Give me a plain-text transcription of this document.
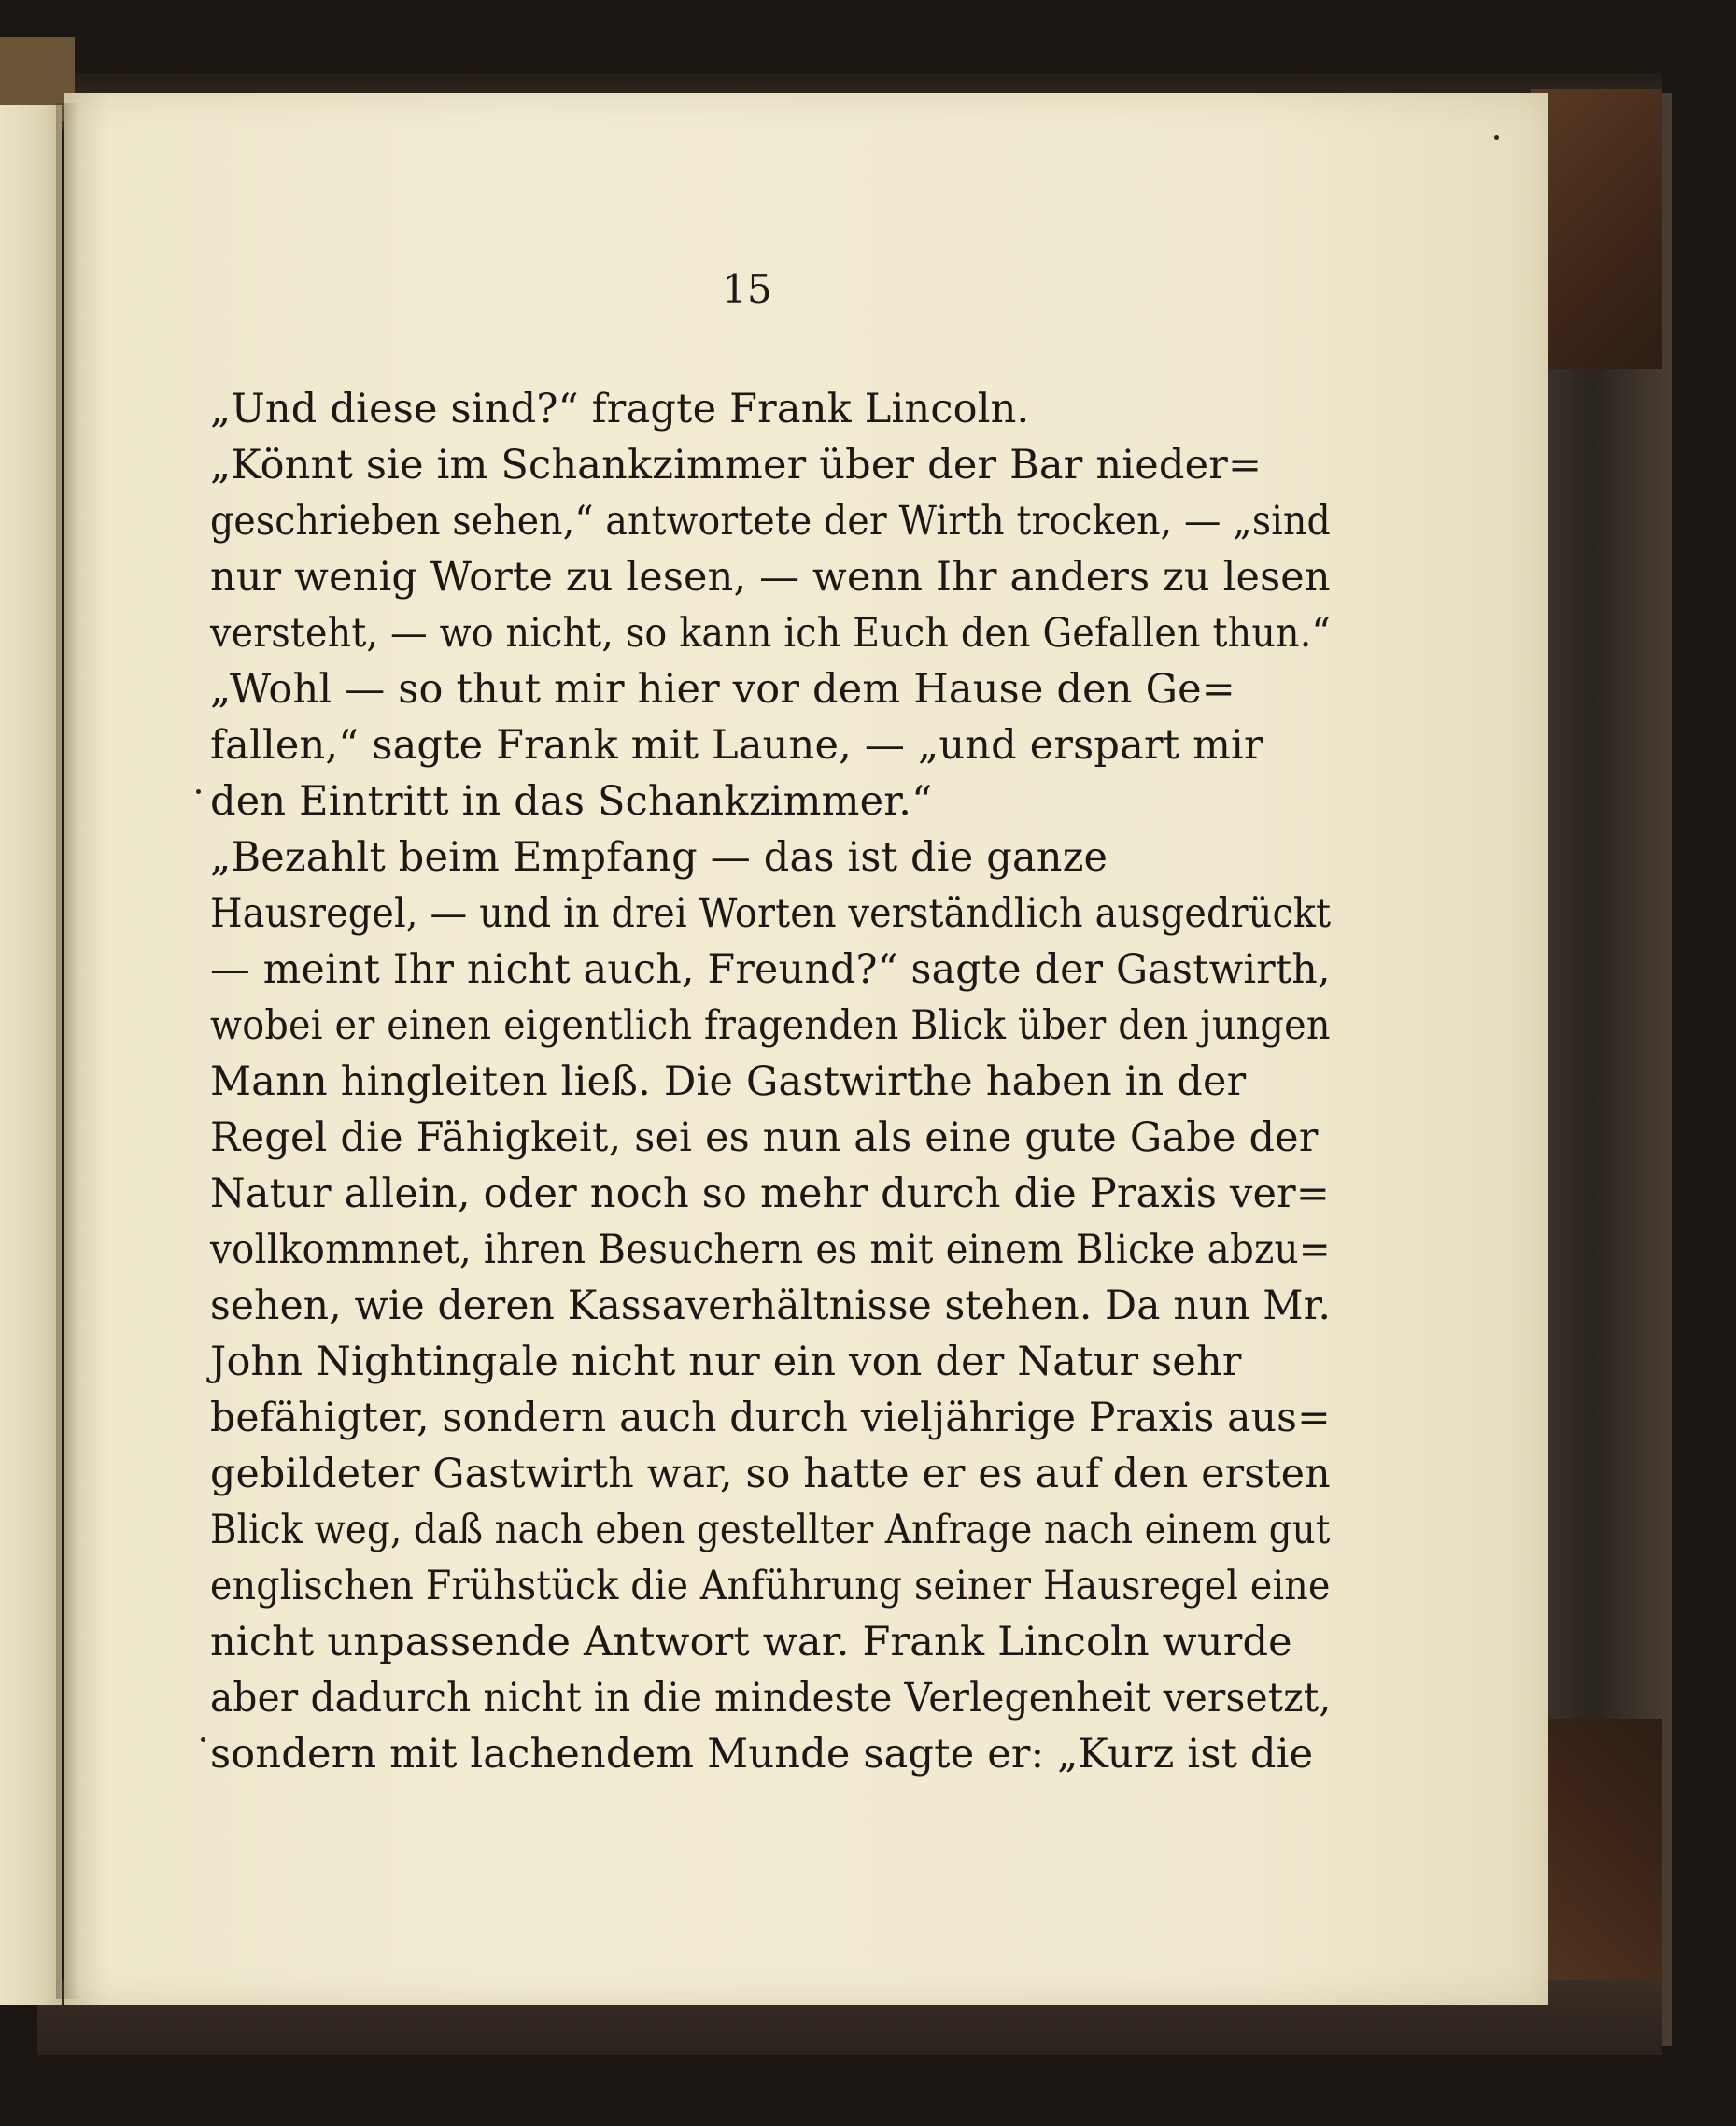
15
„Und diese sind?“ fragte Frank Lincoln.
„Könnt sie im Schankzimmer über der Bar nieder=
geschrieben sehen,“ antwortete der Wirth trocken, — „sind
nur wenig Worte zu lesen, — wenn Ihr anders zu lesen
versteht, — wo nicht, so kann ich Euch den Gefallen thun.“
„Wohl — so thut mir hier vor dem Hause den Ge=
fallen,“ sagte Frank mit Laune, — „und erspart mir
den Eintritt in das Schankzimmer.“
„Bezahlt beim Empfang — das ist die ganze
Hausregel, — und in drei Worten verständlich ausgedrückt
— meint Ihr nicht auch, Freund?“ sagte der Gastwirth,
wobei er einen eigentlich fragenden Blick über den jungen
Mann hingleiten ließ. Die Gastwirthe haben in der
Regel die Fähigkeit, sei es nun als eine gute Gabe der
Natur allein, oder noch so mehr durch die Praxis ver=
vollkommnet, ihren Besuchern es mit einem Blicke abzu=
sehen, wie deren Kassaverhältnisse stehen. Da nun Mr.
John Nightingale nicht nur ein von der Natur sehr
befähigter, sondern auch durch vieljährige Praxis aus=
gebildeter Gastwirth war, so hatte er es auf den ersten
Blick weg, daß nach eben gestellter Anfrage nach einem gut
englischen Frühstück die Anführung seiner Hausregel eine
nicht unpassende Antwort war. Frank Lincoln wurde
aber dadurch nicht in die mindeste Verlegenheit versetzt,
sondern mit lachendem Munde sagte er: „Kurz ist die
